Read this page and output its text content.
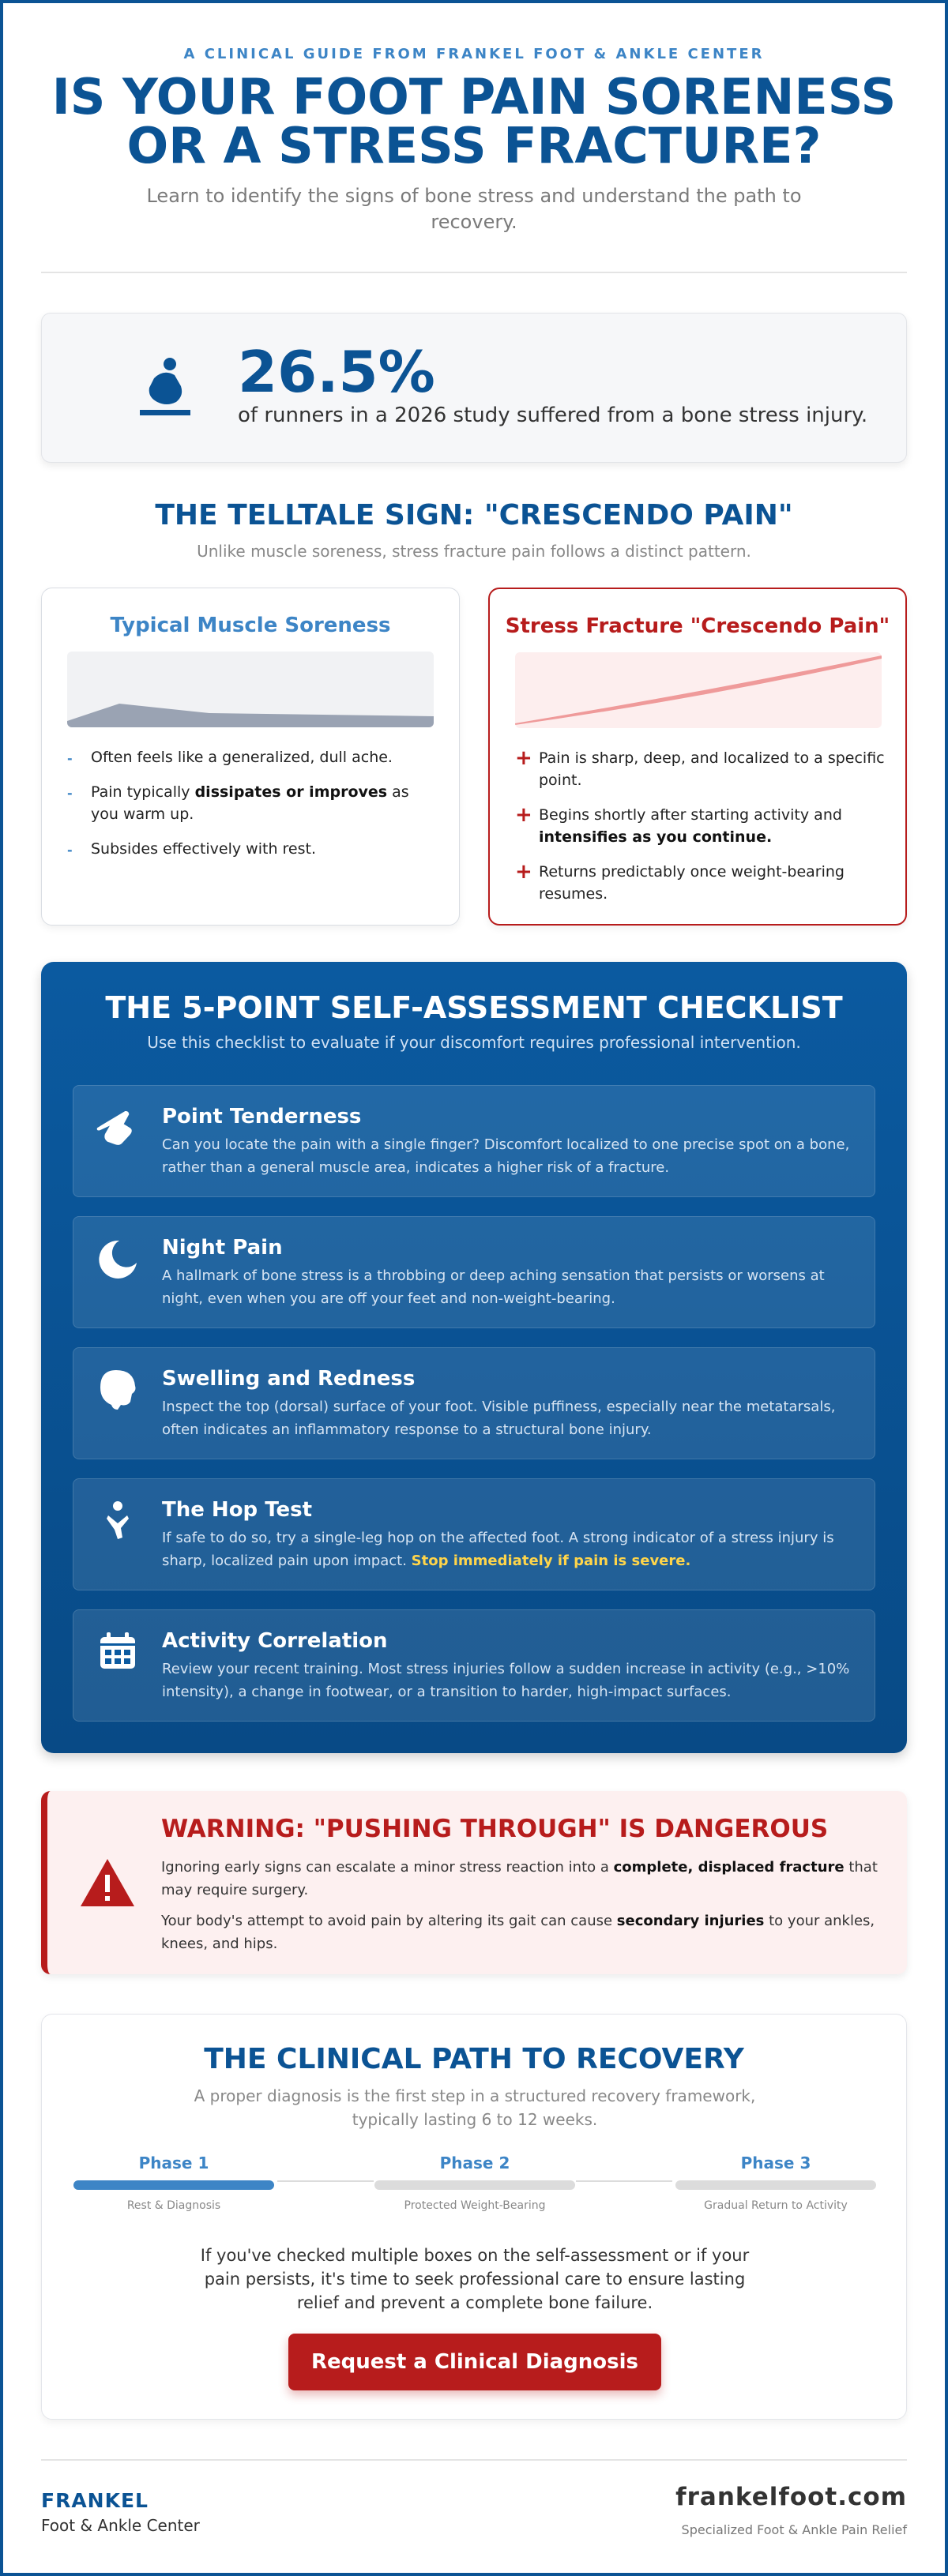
A CLINICAL GUIDE FROM FRANKEL FOOT & ANKLE CENTER
IS YOUR FOOT PAIN SORENESS OR A STRESS FRACTURE?

Learn to identify the signs of bone stress and understand the path to recovery.

26.5%
of runners in a 2026 study suffered from a bone stress injury.
THE TELLTALE SIGN: "CRESCENDO PAIN"

Unlike muscle soreness, stress fracture pain follows a distinct pattern.

Typical Muscle Soreness
- Often feels like a generalized, dull ache.
- Pain typically dissipates or improves as you warm up.
- Subsides effectively with rest.
Stress Fracture "Crescendo Pain"
+ Pain is sharp, deep, and localized to a specific point.
+ Begins shortly after starting activity and intensifies as you continue.
+ Returns predictably once weight-bearing resumes.
THE 5-POINT SELF-ASSESSMENT CHECKLIST

Use this checklist to evaluate if your discomfort requires professional intervention.

Point Tenderness
Can you locate the pain with a single finger? Discomfort localized to one precise spot on a bone, rather than a general muscle area, indicates a higher risk of a fracture.
Night Pain
A hallmark of bone stress is a throbbing or deep aching sensation that persists or worsens at night, even when you are off your feet and non-weight-bearing.
Swelling and Redness
Inspect the top (dorsal) surface of your foot. Visible puffiness, especially near the metatarsals, often indicates an inflammatory response to a structural bone injury.
The Hop Test
If safe to do so, try a single-leg hop on the affected foot. A strong indicator of a stress injury is sharp, localized pain upon impact. Stop immediately if pain is severe.
Activity Correlation
Review your recent training. Most stress injuries follow a sudden increase in activity (e.g., >10% intensity), a change in footwear, or a transition to harder, high-impact surfaces.
WARNING: "PUSHING THROUGH" IS DANGEROUS

Ignoring early signs can escalate a minor stress reaction into a complete, displaced fracture that may require surgery.

Your body's attempt to avoid pain by altering its gait can cause secondary injuries to your ankles, knees, and hips.

THE CLINICAL PATH TO RECOVERY

A proper diagnosis is the first step in a structured recovery framework, typically lasting 6 to 12 weeks.

Phase 1
Rest & Diagnosis
Phase 2
Protected Weight-Bearing
Phase 3
Gradual Return to Activity

If you've checked multiple boxes on the self-assessment or if your pain persists, it's time to seek professional care to ensure lasting relief and prevent a complete bone failure.

Request a Clinical Diagnosis
FRANKEL
Foot & Ankle Center
frankelfoot.com
Specialized Foot & Ankle Pain Relief
